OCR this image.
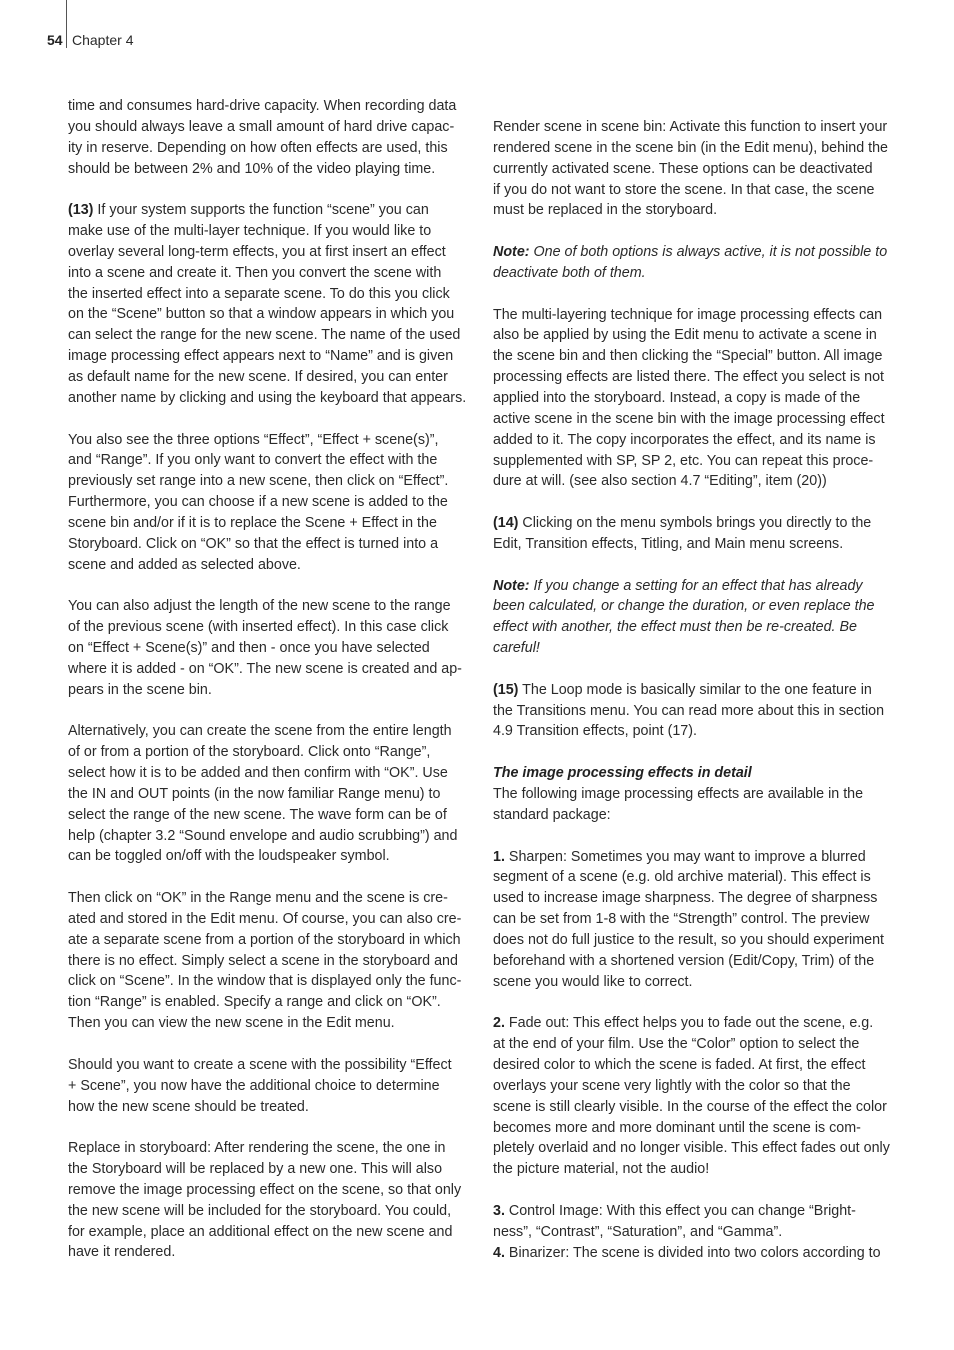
54 Chapter 4

time and consumes hard-drive capacity. When recording data
you should always leave a small amount of hard drive capac-
ity in reserve. Depending on how often effects are used, this
should be between 2% and 10% of the video playing time.

(13) If your system supports the function “scene” you can
make use of the multi-layer technique. If you would like to
overlay several long-term effects, you at first insert an effect
into a scene and create it. Then you convert the scene with
the inserted effect into a separate scene. To do this you click
on the “Scene” button so that a window appears in which you
can select the range for the new scene. The name of the used
image processing effect appears next to “Name” and is given
as default name for the new scene. If desired, you can enter
another name by clicking and using the keyboard that appears.

You also see the three options “Effect”, “Effect + scene(s)”,
and “Range”. If you only want to convert the effect with the
previously set range into a new scene, then click on “Effect”.
Furthermore, you can choose if a new scene is added to the
scene bin and/or if it is to replace the Scene + Effect in the
Storyboard. Click on “OK” so that the effect is turned into a
scene and added as selected above.

You can also adjust the length of the new scene to the range
of the previous scene (with inserted effect). In this case click
on “Effect + Scene(s)” and then - once you have selected
where it is added - on “OK”. The new scene is created and ap-
pears in the scene bin.

Alternatively, you can create the scene from the entire length
of or from a portion of the storyboard. Click onto “Range”,
select how it is to be added and then confirm with “OK”. Use
the IN and OUT points (in the now familiar Range menu) to
select the range of the new scene. The wave form can be of
help (chapter 3.2 “Sound envelope and audio scrubbing”) and
can be toggled on/off with the loudspeaker symbol.

Then click on “OK” in the Range menu and the scene is cre-
ated and stored in the Edit menu. Of course, you can also cre-
ate a separate scene from a portion of the storyboard in which
there is no effect. Simply select a scene in the storyboard and
click on “Scene”. In the window that is displayed only the func-
tion “Range” is enabled. Specify a range and click on “OK”.
Then you can view the new scene in the Edit menu.

Should you want to create a scene with the possibility “Effect
+ Scene”, you now have the additional choice to determine
how the new scene should be treated.

Replace in storyboard: After rendering the scene, the one in
the Storyboard will be replaced by a new one. This will also
remove the image processing effect on the scene, so that only
the new scene will be included for the storyboard. You could,
for example, place an additional effect on the new scene and
have it rendered.

Render scene in scene bin: Activate this function to insert your
rendered scene in the scene bin (in the Edit menu), behind the
currently activated scene. These options can be deactivated
if you do not want to store the scene. In that case, the scene
must be replaced in the storyboard.

Note: One of both options is always active, it is not possible to
deactivate both of them.

The multi-layering technique for image processing effects can
also be applied by using the Edit menu to activate a scene in
the scene bin and then clicking the “Special” button. All image
processing effects are listed there. The effect you select is not
applied into the storyboard. Instead, a copy is made of the
active scene in the scene bin with the image processing effect
added to it. The copy incorporates the effect, and its name is
supplemented with SP, SP 2, etc. You can repeat this proce-
dure at will. (see also section 4.7 “Editing”, item (20))

(14) Clicking on the menu symbols brings you directly to the
Edit, Transition effects, Titling, and Main menu screens.

Note: If you change a setting for an effect that has already
been calculated, or change the duration, or even replace the
effect with another, the effect must then be re-created. Be
careful!

(15) The Loop mode is basically similar to the one feature in
the Transitions menu. You can read more about this in section
4.9 Transition effects, point (17).

The image processing effects in detail

The following image processing effects are available in the
standard package:

1. Sharpen: Sometimes you may want to improve a blurred
segment of a scene (e.g. old archive material). This effect is
used to increase image sharpness. The degree of sharpness
can be set from 1-8 with the “Strength” control. The preview
does not do full justice to the result, so you should experiment
beforehand with a shortened version (Edit/Copy, Trim) of the
scene you would like to correct.

2. Fade out: This effect helps you to fade out the scene, e.g.
at the end of your film. Use the “Color” option to select the
desired color to which the scene is faded. At first, the effect
overlays your scene very lightly with the color so that the
scene is still clearly visible. In the course of the effect the color
becomes more and more dominant until the scene is com-
pletely overlaid and no longer visible. This effect fades out only
the picture material, not the audio!

3. Control Image: With this effect you can change “Bright-
ness”, “Contrast”, “Saturation”, and “Gamma”.

4. Binarizer: The scene is divided into two colors according to
